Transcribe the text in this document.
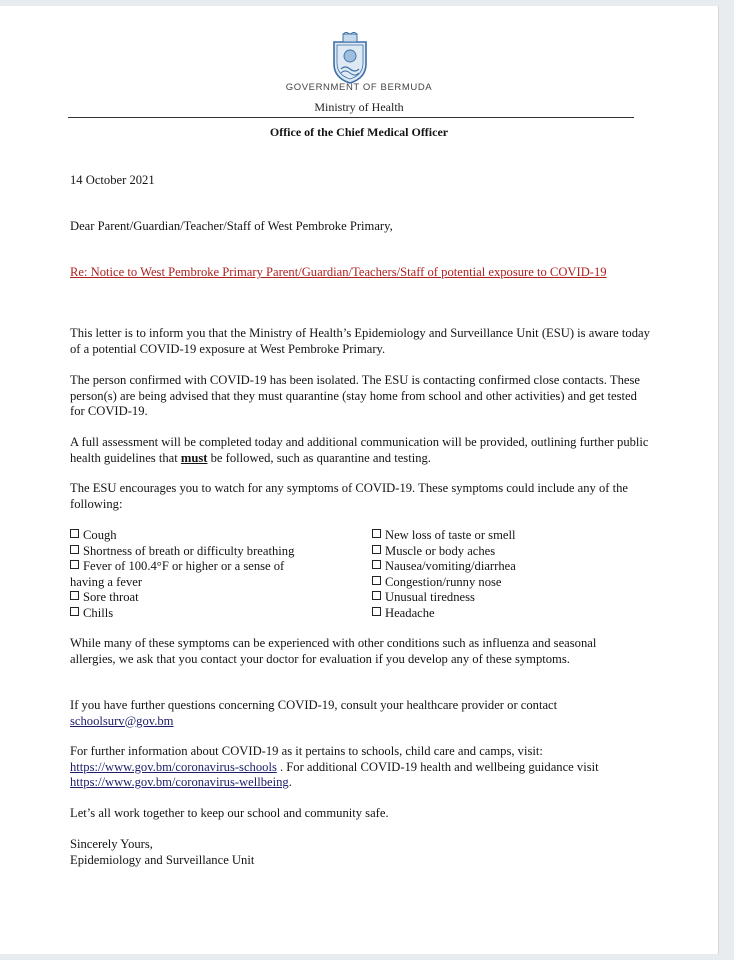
GOVERNMENT OF BERMUDA
Ministry of Health
Office of the Chief Medical Officer
14 October 2021
Dear Parent/Guardian/Teacher/Staff of West Pembroke Primary,
Re: Notice to West Pembroke Primary Parent/Guardian/Teachers/Staff of potential exposure to COVID-19
This letter is to inform you that the Ministry of Health’s Epidemiology and Surveillance Unit (ESU) is aware today of a potential COVID-19 exposure at West Pembroke Primary.
The person confirmed with COVID-19 has been isolated. The ESU is contacting confirmed close contacts. These person(s) are being advised that they must quarantine (stay home from school and other activities) and get tested for COVID-19.
A full assessment will be completed today and additional communication will be provided, outlining further public health guidelines that must be followed, such as quarantine and testing.
The ESU encourages you to watch for any symptoms of COVID-19. These symptoms could include any of the following:
Cough
Shortness of breath or difficulty breathing
Fever of 100.4°F or higher or a sense of having a fever
Sore throat
Chills
New loss of taste or smell
Muscle or body aches
Nausea/vomiting/diarrhea
Congestion/runny nose
Unusual tiredness
Headache
While many of these symptoms can be experienced with other conditions such as influenza and seasonal allergies, we ask that you contact your doctor for evaluation if you develop any of these symptoms.
If you have further questions concerning COVID-19, consult your healthcare provider or contact
schoolsurv@gov.bm
For further information about COVID-19 as it pertains to schools, child care and camps, visit:
https://www.gov.bm/coronavirus-schools . For additional COVID-19 health and wellbeing guidance visit https://www.gov.bm/coronavirus-wellbeing.
Let’s all work together to keep our school and community safe.
Sincerely Yours,
Epidemiology and Surveillance Unit
